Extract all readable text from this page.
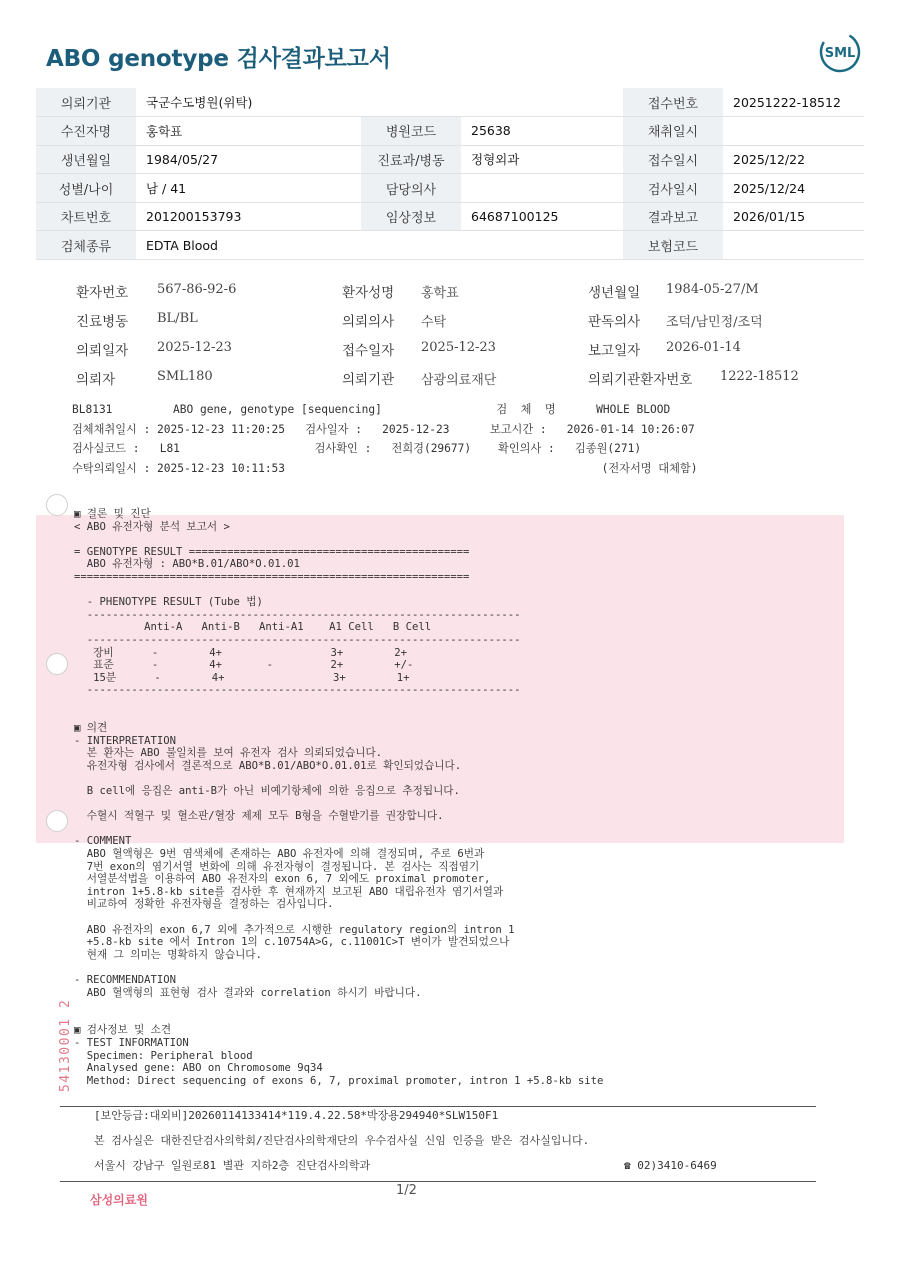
ABO genotype 검사결과보고서	SML
의뢰기관	국군수도병원(위탁)			접수번호	20251222-18512
수진자명	홍학표	병원코드	25638	채취일시	
생년월일	1984/05/27	진료과/병동	정형외과	접수일시	2025/12/22
성별/나이	남 / 41	담당의사		검사일시	2025/12/24
차트번호	201200153793	임상정보	64687100125	결과보고	2026/01/15
검체종류	EDTA Blood			보험코드	
환자번호 567-86-92-6	환자성명 홍학표	생년월일 1984-05-27/M
진료병동 BL/BL	의뢰의사 수탁	판독의사 조덕/남민정/조덕
의뢰일자 2025-12-23	접수일자 2025-12-23	보고일자 2026-01-14
의뢰자	SML180	의뢰기관 삼광의료재단	의뢰기관환자번호 1222-18512
BL8131         ABO gene, genotype [sequencing]                 검  체  명      WHOLE BLOOD
검체채취일시 : 2025-12-23 11:20:25   검사일자 :   2025-12-23      보고시간 :   2026-01-14 10:26:07
검사실코드 :   L81                    검사확인 :   전희경(29677)    확인의사 :   김종원(271)
수탁의뢰일시 : 2025-12-23 10:11:53                                               (전자서명 대체함)
▣ 결론 및 진단
< ABO 유전자형 분석 보고서 >
= GENOTYPE RESULT ============================================
ABO 유전자형 : ABO*B.01/ABO*O.01.01
==============================================================
- PHENOTYPE RESULT (Tube 법)
--------------------------------------------------------------------
Anti-A   Anti-B   Anti-A1    A1 Cell   B Cell
--------------------------------------------------------------------
장비      -        4+                 3+        2+
표준      -        4+       -         2+        +/-
15분      -        4+                 3+        1+
--------------------------------------------------------------------
▣ 의견
- INTERPRETATION
본 환자는 ABO 불일치를 보여 유전자 검사 의뢰되었습니다.
유전자형 검사에서 결론적으로 ABO*B.01/ABO*O.01.01로 확인되었습니다.
B cell에 응집은 anti-B가 아닌 비예기항체에 의한 응집으로 추정됩니다.
수혈시 적혈구 및 혈소판/혈장 제제 모두 B형을 수혈받기를 권장합니다.
- COMMENT
ABO 혈액형은 9번 염색체에 존재하는 ABO 유전자에 의해 결정되며, 주로 6번과
7번 exon의 염기서열 변화에 의해 유전자형이 결정됩니다. 본 검사는 직접염기
서열분석법을 이용하여 ABO 유전자의 exon 6, 7 외에도 proximal promoter,
intron 1+5.8-kb site를 검사한 후 현재까지 보고된 ABO 대립유전자 염기서열과
비교하여 정확한 유전자형을 결정하는 검사입니다.
ABO 유전자의 exon 6,7 외에 추가적으로 시행한 regulatory region의 intron 1
+5.8-kb site 에서 Intron 1의 c.10754A>G, c.11001C>T 변이가 발견되었으나
현재 그 의미는 명확하지 않습니다.
- RECOMMENDATION
ABO 혈액형의 표현형 검사 결과와 correlation 하시기 바랍니다.
▣ 검사정보 및 소견
- TEST INFORMATION
Specimen: Peripheral blood
Analysed gene: ABO on Chromosome 9q34
Method: Direct sequencing of exons 6, 7, proximal promoter, intron 1 +5.8-kb site
54130001 2
[보안등급:대외비]20260114133414*119.4.22.58*박장용294940*SLW150F1
본 검사실은 대한진단검사의학회/진단검사의학재단의 우수검사실 신임 인증을 받은 검사실입니다.
서울시 강남구 일원로81 별관 지하2층 진단검사의학과	☎ 02)3410-6469
삼성의료원
1/2
